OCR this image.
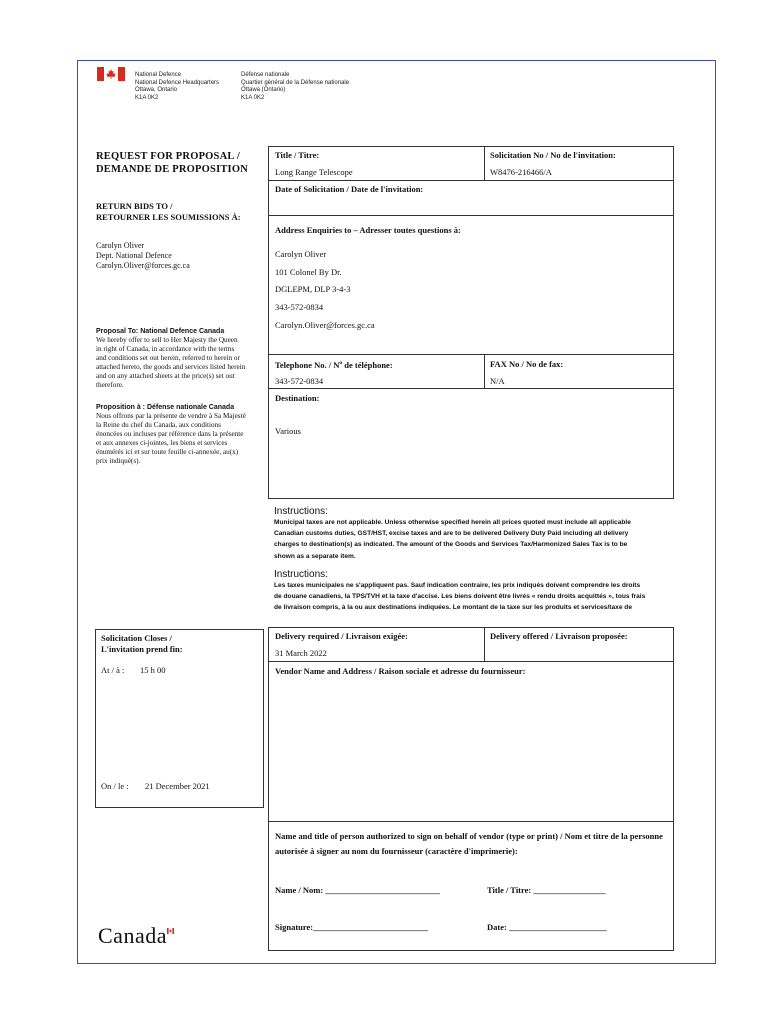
National Defence
National Defence Headquarters
Ottawa, Ontario
K1A 0K2
Défense nationale
Quartier général de la Défense nationale
Ottawa (Ontario)
K1A 0K2
REQUEST FOR PROPOSAL /
DEMANDE DE PROPOSITION
RETURN BIDS TO /
RETOURNER LES SOUMISSIONS À:
Carolyn Oliver
Dept. National Defence
Carolyn.Oliver@forces.gc.ca
Proposal To: National Defence Canada
We hereby offer to sell to Her Majesty the Queen
in right of Canada, in accordance with the terms
and conditions set out herein, referred to herein or
attached hereto, the goods and services listed herein
and on any attached sheets at the price(s) set out
therefore.
Proposition à : Défense nationale Canada
Nous offrons par la présente de vendre à Sa Majesté
la Reine du chef du Canada, aux conditions
énoncées ou incluses par référence dans la présente
et aux annexes ci-jointes, les biens et services
énumérés ici et sur toute feuille ci-annexée, au(x)
prix indiqué(s).
Title / Titre:
Long Range Telescope
Solicitation No / No de l'invitation:
W8476-216466/A
Date of Solicitation / Date de l'invitation:
Address Enquiries to – Adresser toutes questions à:
Carolyn Oliver
101 Colonel By Dr.
DGLEPM, DLP 3-4-3
343-572-0834
Carolyn.Oliver@forces.gc.ca
Telephone No. / $N^o$ de téléphone:
343-572-0834
FAX No / No de fax:
N/A
Destination:
Various
Instructions:
Municipal taxes are not applicable. Unless otherwise specified herein all prices quoted must include all applicable
Canadian customs duties, GST/HST, excise taxes and are to be delivered Delivery Duty Paid including all delivery
charges to destination(s) as indicated. The amount of the Goods and Services Tax/Harmonized Sales Tax is to be
shown as a separate item.
Instructions:
Les taxes municipales ne s'appliquent pas. Sauf indication contraire, les prix indiqués doivent comprendre les droits
de douane canadiens, la TPS/TVH et la taxe d'accise. Les biens doivent être livrés « rendu droits acquittés », tous frais
de livraison compris, à la ou aux destinations indiquées. Le montant de la taxe sur les produits et services/taxe de
Solicitation Closes /
L'invitation prend fin:
At / à : 15 h 00
On / le : 21 December 2021
Delivery required / Livraison exigée:
31 March 2022
Delivery offered / Livraison proposée:
Vendor Name and Address / Raison sociale et adresse du fournisseur:
Name and title of person authorized to sign on behalf of vendor (type or print) / Nom et titre de la personne
autorisée à signer au nom du fournisseur (caractère d'imprimerie):
Name / Nom: ___________________________	Title / Titre: _________________
Signature:___________________________	Date: _______________________
Canada
